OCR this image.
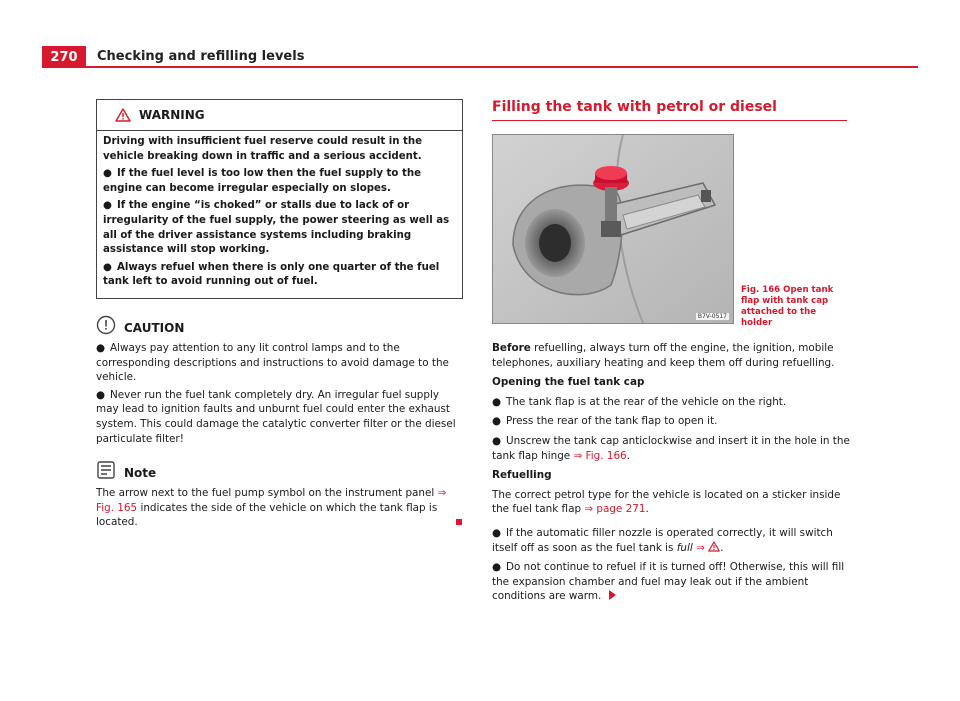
270	Checking and refilling levels
WARNING

Driving with insufficient fuel reserve could result in the vehicle breaking down in traffic and a serious accident.

● If the fuel level is too low then the fuel supply to the engine can become irregular especially on slopes.

● If the engine “is choked” or stalls due to lack of or irregularity of the fuel supply, the power steering as well as all of the driver assistance systems including braking assistance will stop working.

● Always refuel when there is only one quarter of the fuel tank left to avoid running out of fuel.

CAUTION

● Always pay attention to any lit control lamps and to the corresponding descriptions and instructions to avoid damage to the vehicle.

● Never run the fuel tank completely dry. An irregular fuel supply may lead to ignition faults and unburnt fuel could enter the exhaust system. This could damage the catalytic converter filter or the diesel particulate filter!

Note

The arrow next to the fuel pump symbol on the instrument panel ⇒ Fig. 165 indicates the side of the vehicle on which the tank flap is located.

Filling the tank with petrol or diesel
B7V-0517
Fig. 166 Open tank flap with tank cap attached to the holder

Before refuelling, always turn off the engine, the ignition, mobile telephones, auxiliary heating and keep them off during refuelling.

Opening the fuel tank cap

● The tank flap is at the rear of the vehicle on the right.

● Press the rear of the tank flap to open it.

● Unscrew the tank cap anticlockwise and insert it in the hole in the tank flap hinge ⇒ Fig. 166.

Refuelling

The correct petrol type for the vehicle is located on a sticker inside the fuel tank flap ⇒ page 271.

● If the automatic filler nozzle is operated correctly, it will switch itself off as soon as the fuel tank is full ⇒ .

● Do not continue to refuel if it is turned off! Otherwise, this will fill the expansion chamber and fuel may leak out if the ambient conditions are warm.
